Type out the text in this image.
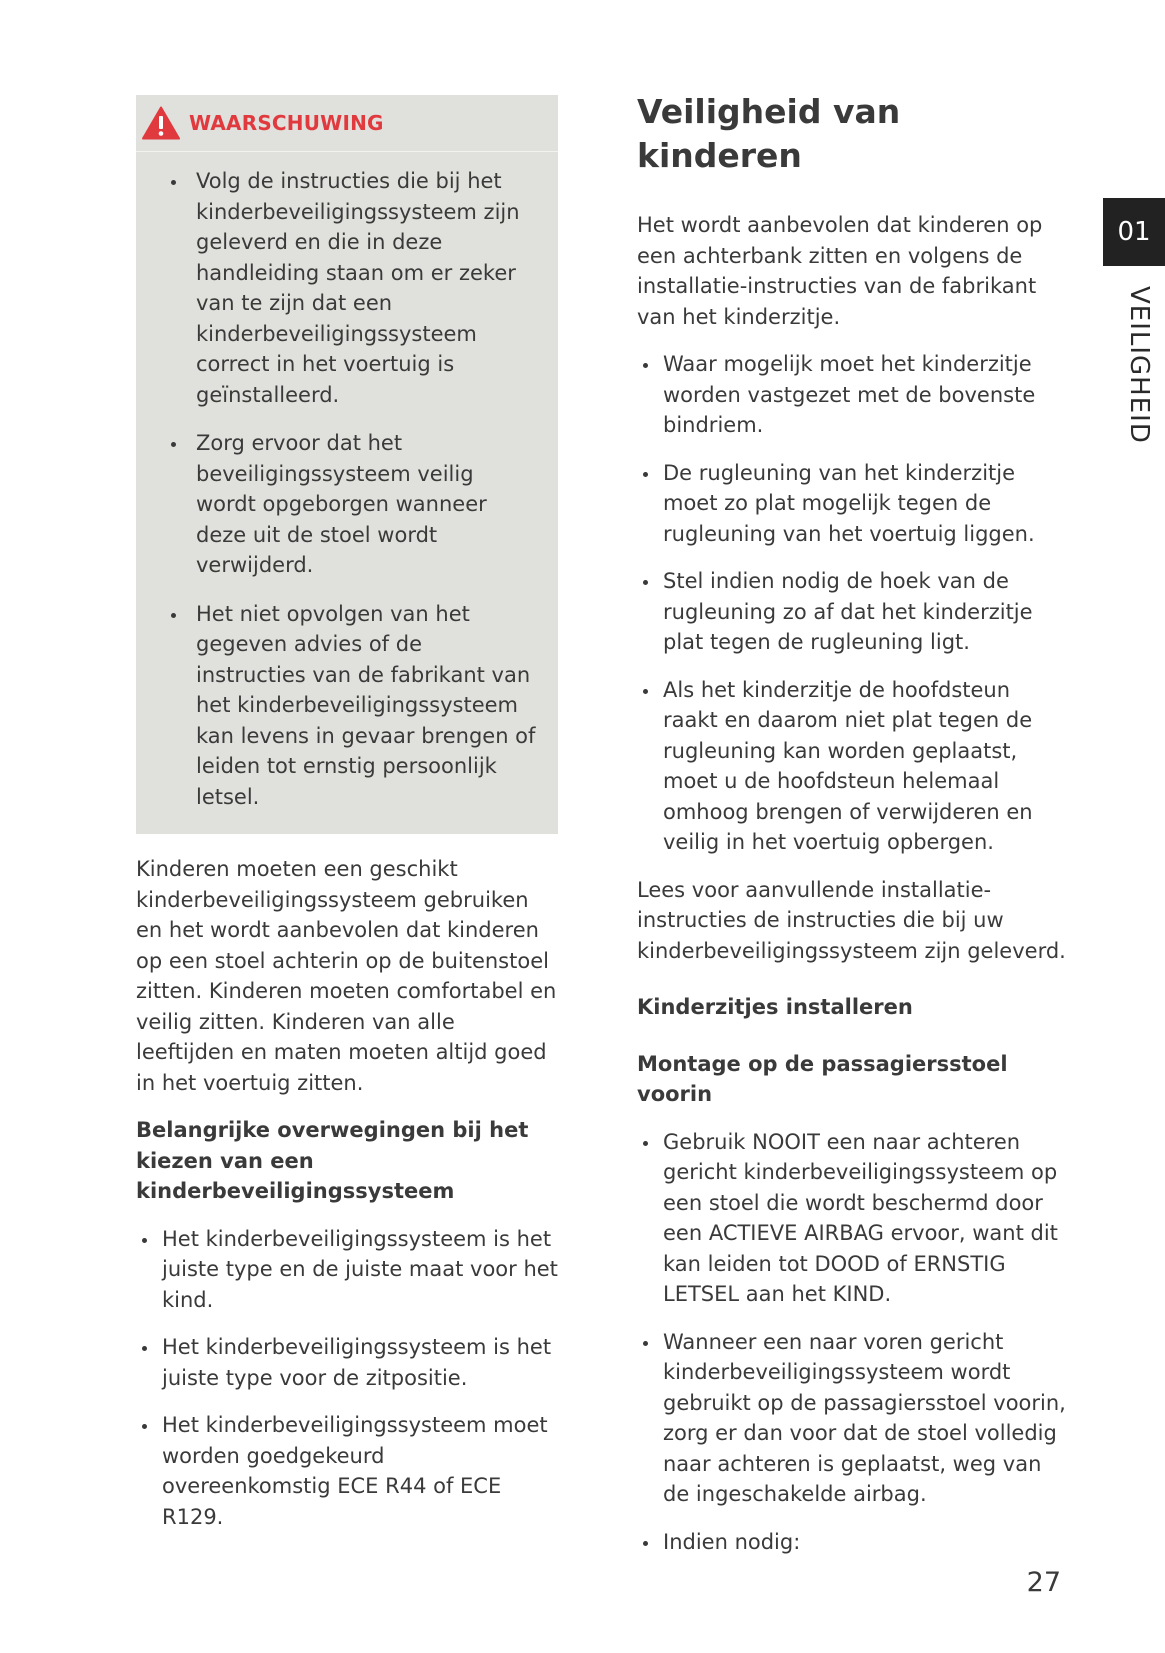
WAARSCHUWING
Volg de instructies die bij het kinderbeveiligingssysteem zijn geleverd en die in deze handleiding staan om er zeker van te zijn dat een kinderbeveiligingssysteem correct in het voertuig is geïnstalleerd.
Zorg ervoor dat het beveiligingssysteem veilig wordt opgeborgen wanneer deze uit de stoel wordt verwijderd.
Het niet opvolgen van het gegeven advies of de instructies van de fabrikant van het kinderbeveiligingssysteem kan levens in gevaar brengen of leiden tot ernstig persoonlijk letsel.

Kinderen moeten een geschikt kinderbeveiligingssysteem gebruiken en het wordt aanbevolen dat kinderen op een stoel achterin op de buitenstoel zitten. Kinderen moeten comfortabel en veilig zitten. Kinderen van alle leeftijden en maten moeten altijd goed in het voertuig zitten.

Belangrijke overwegingen bij het kiezen van een kinderbeveiligingssysteem
Het kinderbeveiligingssysteem is het juiste type en de juiste maat voor het kind.
Het kinderbeveiligingssysteem is het juiste type voor de zitpositie.
Het kinderbeveiligingssysteem moet worden goedgekeurd overeenkomstig ECE R44 of ECE R129.
Veiligheid van kinderen

Het wordt aanbevolen dat kinderen op een achterbank zitten en volgens de installatie-instructies van de fabrikant van het kinderzitje.

Waar mogelijk moet het kinderzitje worden vastgezet met de bovenste bindriem.
De rugleuning van het kinderzitje moet zo plat mogelijk tegen de rugleuning van het voertuig liggen.
Stel indien nodig de hoek van de rugleuning zo af dat het kinderzitje plat tegen de rugleuning ligt.
Als het kinderzitje de hoofdsteun raakt en daarom niet plat tegen de rugleuning kan worden geplaatst, moet u de hoofdsteun helemaal omhoog brengen of verwijderen en veilig in het voertuig opbergen.

Lees voor aanvullende installatie-instructies de instructies die bij uw kinderbeveiligingssysteem zijn geleverd.

Kinderzitjes installeren
Montage op de passagiersstoel voorin
Gebruik NOOIT een naar achteren gericht kinderbeveiligingssysteem op een stoel die wordt beschermd door een ACTIEVE AIRBAG ervoor, want dit kan leiden tot DOOD of ERNSTIG LETSEL aan het KIND.
Wanneer een naar voren gericht kinderbeveiligingssysteem wordt gebruikt op de passagiersstoel voorin, zorg er dan voor dat de stoel volledig naar achteren is geplaatst, weg van de ingeschakelde airbag.
Indien nodig:
01
VEILIGHEID
27
